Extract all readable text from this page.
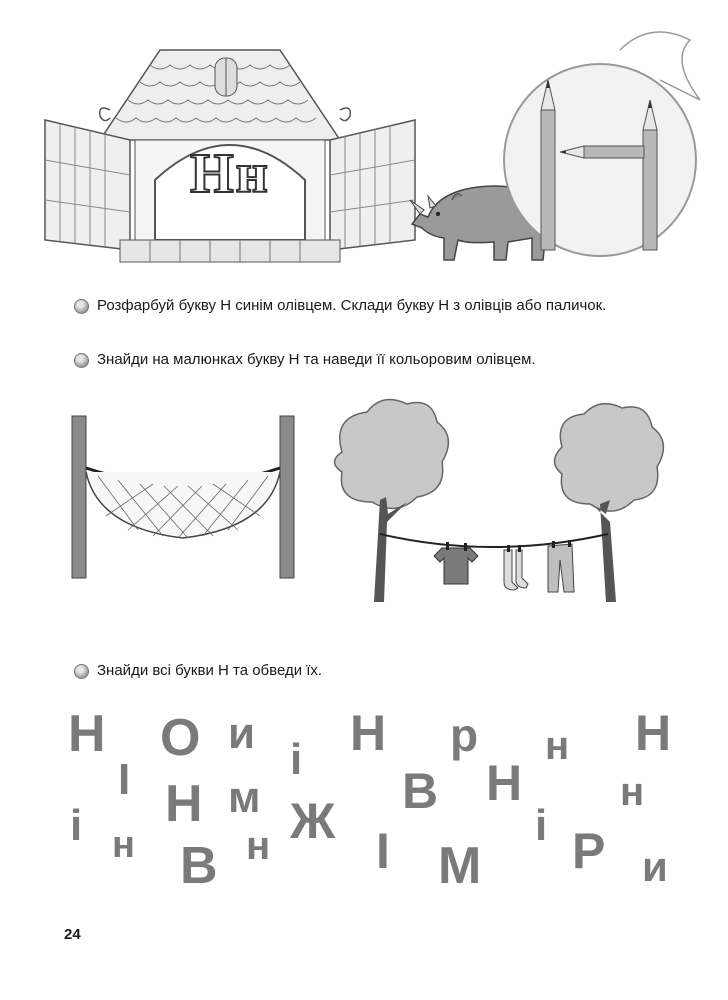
Нн
Розфарбуй букву Н синім олівцем. Склади букву Н з олівців або паличок.
Знайди на малюнках букву Н та наведи її кольоровим олівцем.
Знайди всі букви Н та обведи їх.
Н
І
О и
і Н р н Н
Н м	В Н н
і н В н Ж
І М
і Р и
24
